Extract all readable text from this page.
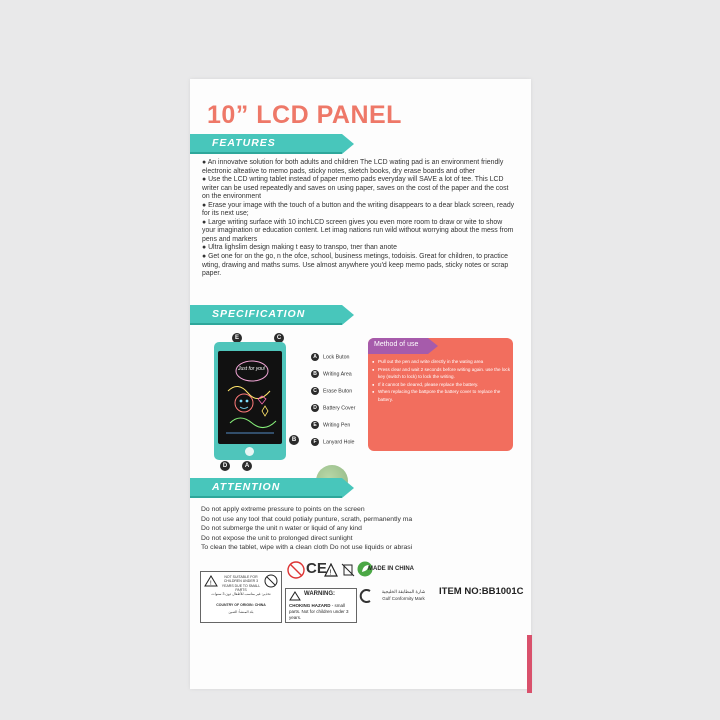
10” LCD PANEL
FEATURES

● An innovatve solution for both adults and children The LCD wating pad is an environment friendly electronic alteative to memo pads, sticky notes, sketch books, dry erase boards and other

● Use the LCD wrting tablet instead of paper memo pads everyday will SAVE a lot of tee. This LCD writer can be used repeatedly and saves on using paper, saves on the cost of the paper and the cost on the environment

● Erase your image with the touch of a button and the writing disappears to a dear black screen, ready for its next use;

● Large writing surface with 10 inchLCD screen gives you even more room to draw or wite to show your imagination or education content. Let imag nations run wild without worrying about the mess from pens and markers

● Ultra lighslim design making t easy to transpo, tner than anote

● Get one for on the go, n the ofce, school, business metings, todoisis. Great for children, to practice wting, drawing and maths sums. Use almost anywhere you'd keep memo pads, sticky notes or scrap paper.

SPECIFICATION
E	C
Just for you!
B
D	A
A Lock Buton
B Writing Area
C Erase Buton
D Battery Cover
E Writing Pen
F Lanyard Hole
Method of use
● Pull out the pen and write directly in the wating area
● Press clear and wait 2 seconds before writing again. use the lock key (switch to lock) to lock the writing.
● If it cannot be cleared, please replace the battery.
● When replacing the battpore the battery cover to replace the battery.
ATTENTION

Do not apply extreme pressure to points on the screen

Do not use any tool that could potialy punture, scrath, permanently ma

Do not submerge the unit n water or liquid of any kind

Do not expose the unit to prolonged direct sunlight

To clean the tablet, wipe with a clean cloth Do not use liquids or abrasi

!
NOT SUITABLE FOR CHILDREN UNDER 3 YEARS DUE TO SMALL PARTS
تحذير: غير مناسب للأطفال دون 3 سنوات
COUNTRY OF ORIGIN: CHINA
بلد المنشأ: الصين
CE !
MADE IN CHINA
WARNING:
CHOKING HAZARD - small parts. Not for children under 3 years.
شارة المطابقة الخليجية
Gulf Conformity Mark
ITEM NO:BB1001C
